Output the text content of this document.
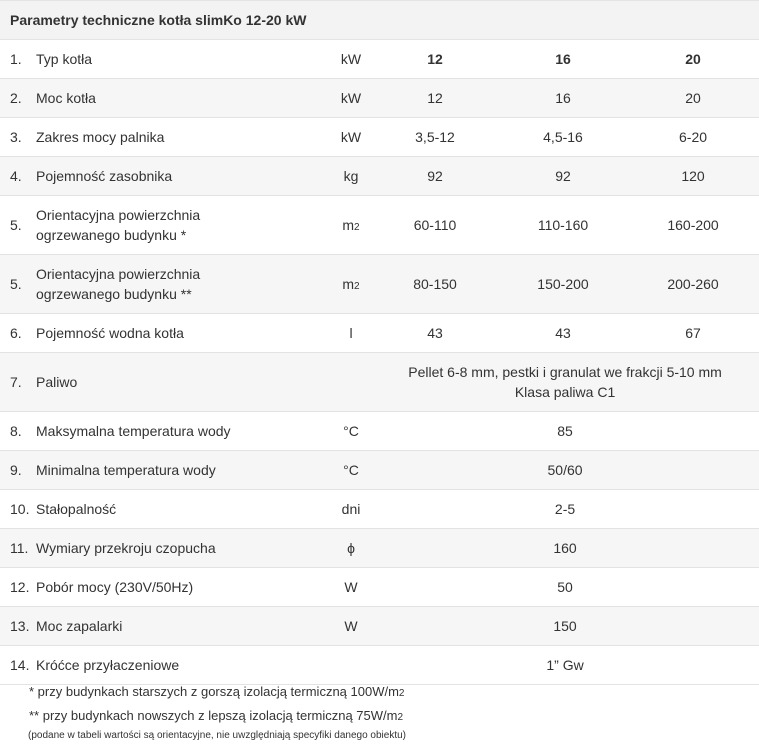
Parametry techniczne kotła slimKo 12-20 kW					
1.	Typ kotła	kW	12	16	20
2.	Moc kotła	kW	12	16	20
3.	Zakres mocy palnika	kW	3,5-12	4,5-16	6-20
4.	Pojemność zasobnika	kg	92	92	120
5.	Orientacyjna powierzchnia
ogrzewanego budynku *	m2	60-110	110-160	160-200
5.	Orientacyjna powierzchnia
ogrzewanego budynku **	m2	80-150	150-200	200-260
6.	Pojemność wodna kotła	l	43	43	67
7.	Paliwo		Pellet 6-8 mm, pestki i granulat we frakcji 5-10 mm
Klasa paliwa C1		

8.	Maksymalna temperatura wody	°C	85		
9.	Minimalna temperatura wody	°C	50/60		
10.	Stałopalność	dni	2-5		
11.	Wymiary przekroju czopucha	ϕ	160		
12.	Pobór mocy (230V/50Hz)	W	50		
13.	Moc zapalarki	W	150		
14.	Króćce przyłaczeniowe		1” Gw		
* przy budynkach starszych z gorszą izolacją termiczną 100W/m2
** przy budynkach nowszych z lepszą izolacją termiczną 75W/m2
(podane w tabeli wartości są orientacyjne, nie uwzględniają specyfiki danego obiektu)
